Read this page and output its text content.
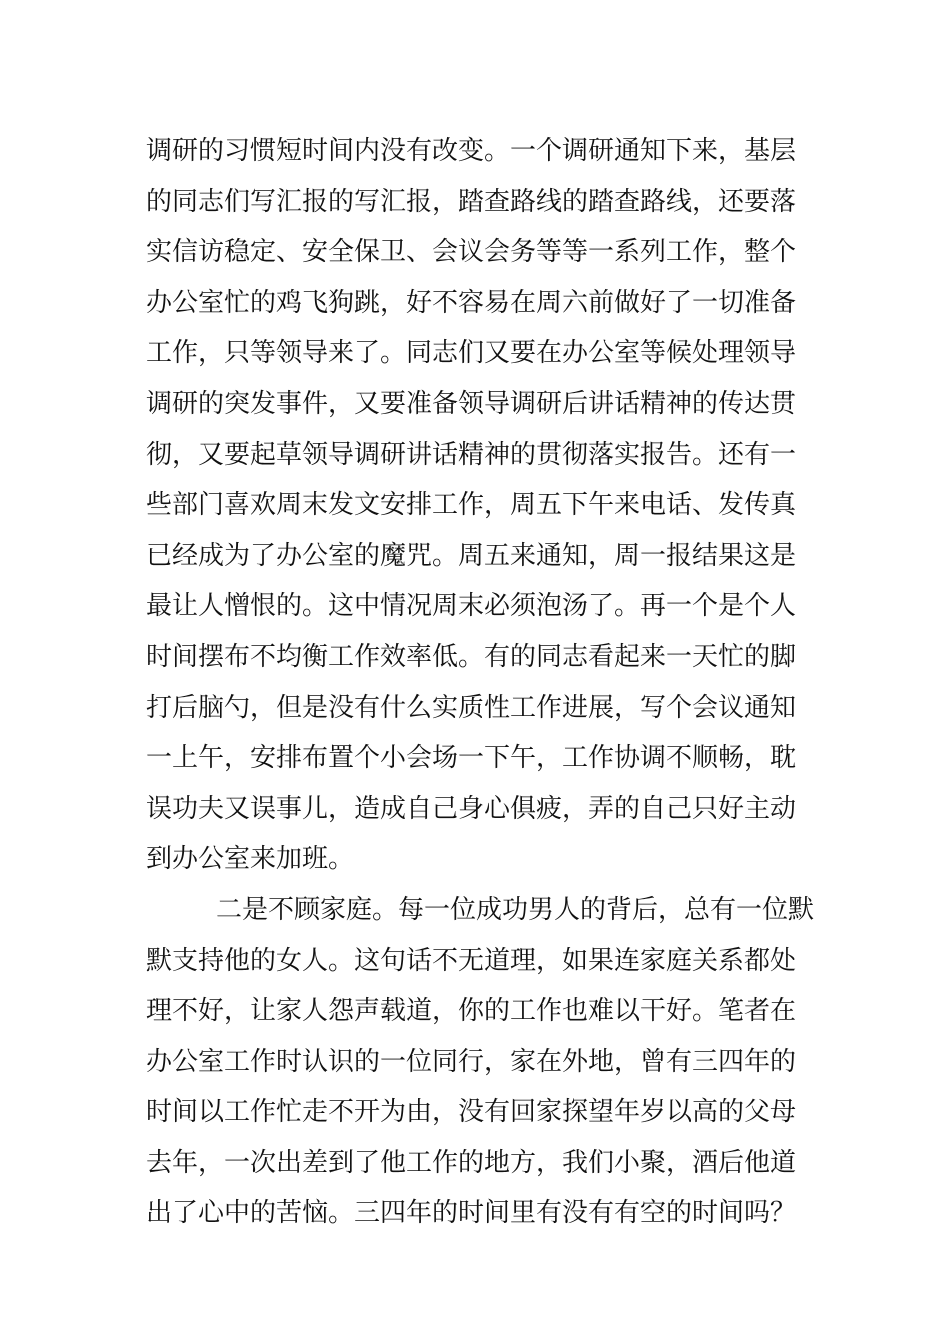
调研的习惯短时间内没有改变。一个调研通知下来，基层
的同志们写汇报的写汇报，踏查路线的踏查路线，还要落
实信访稳定、安全保卫、会议会务等等一系列工作，整个
办公室忙的鸡飞狗跳，好不容易在周六前做好了一切准备
工作，只等领导来了。同志们又要在办公室等候处理领导
调研的突发事件，又要准备领导调研后讲话精神的传达贯
彻，又要起草领导调研讲话精神的贯彻落实报告。还有一
些部门喜欢周末发文安排工作，周五下午来电话、发传真
已经成为了办公室的魔咒。周五来通知，周一报结果这是
最让人憎恨的。这中情况周末必须泡汤了。再一个是个人
时间摆布不均衡工作效率低。有的同志看起来一天忙的脚
打后脑勺，但是没有什么实质性工作进展，写个会议通知
一上午，安排布置个小会场一下午，工作协调不顺畅，耽
误功夫又误事儿，造成自己身心俱疲，弄的自己只好主动
到办公室来加班。
二是不顾家庭。每一位成功男人的背后，总有一位默
默支持他的女人。这句话不无道理，如果连家庭关系都处
理不好，让家人怨声载道，你的工作也难以干好。笔者在
办公室工作时认识的一位同行，家在外地，曾有三四年的
时间以工作忙走不开为由，没有回家探望年岁以高的父母
去年，一次出差到了他工作的地方，我们小聚，酒后他道
出了心中的苦恼。三四年的时间里有没有有空的时间吗？
